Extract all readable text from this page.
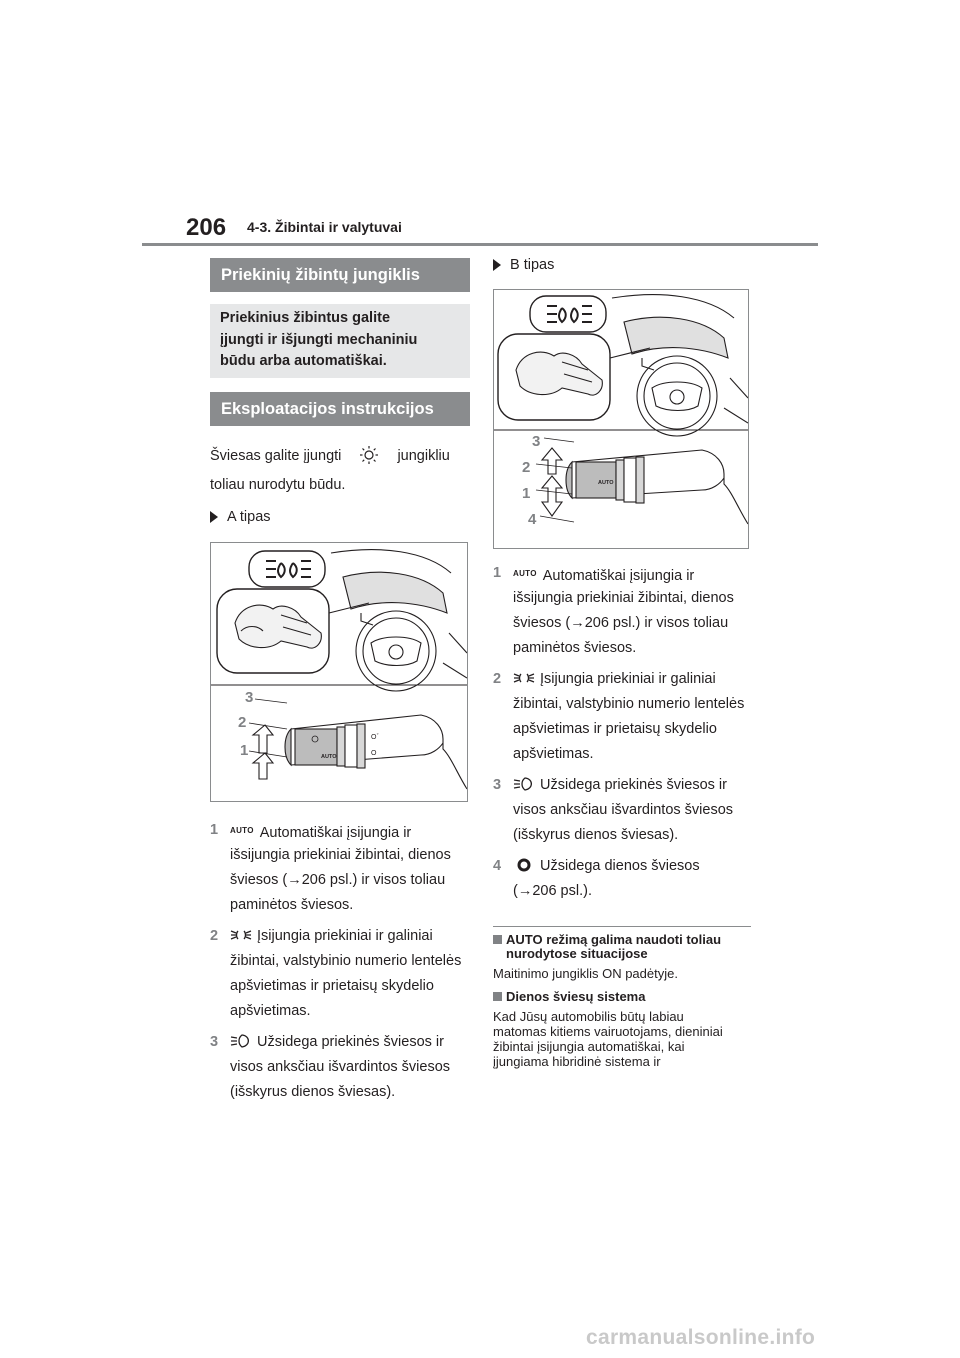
206 4-3. Žibintai ir valytuvai
Priekinių žibintų jungiklis
Priekinius žibintus galite
įjungti ir išjungti mechaniniu
būdu arba automatiškai.
Eksploatacijos instrukcijos
Šviesas galite įjungti	jungikliu
toliau nurodytu būdu.
A tipas
AUTO
Oﾞ
O
3
2
1
1	$^{AUTO}$ Automatiškai įsijungia ir
išsijungia priekiniai žibintai, dienos
šviesos (→206 psl.) ir visos toliau
paminėtos šviesos.
2	Įsijungia priekiniai ir galiniai
žibintai, valstybinio numerio lentelės
apšvietimas ir prietaisų skydelio
apšvietimas.
3	Užsidega priekinės šviesos ir
visos anksčiau išvardintos šviesos
(išskyrus dienos šviesas).
B tipas
AUTO
3
2
1
4
1	$^{AUTO}$ Automatiškai įsijungia ir
išsijungia priekiniai žibintai, dienos
šviesos (→206 psl.) ir visos toliau
paminėtos šviesos.
2	Įsijungia priekiniai ir galiniai
žibintai, valstybinio numerio lentelės
apšvietimas ir prietaisų skydelio
apšvietimas.
3	Užsidega priekinės šviesos ir
visos anksčiau išvardintos šviesos
(išskyrus dienos šviesas).
4	Užsidega dienos šviesos
(→206 psl.).
AUTO režimą galima naudoti toliau nurodytose situacijose
Maitinimo jungiklis ON padėtyje.
Dienos šviesų sistema
Kad Jūsų automobilis būtų labiau
matomas kitiems vairuotojams, dieniniai
žibintai įsijungia automatiškai, kai
įjungiama hibridinė sistema ir
carmanualsonline.info
